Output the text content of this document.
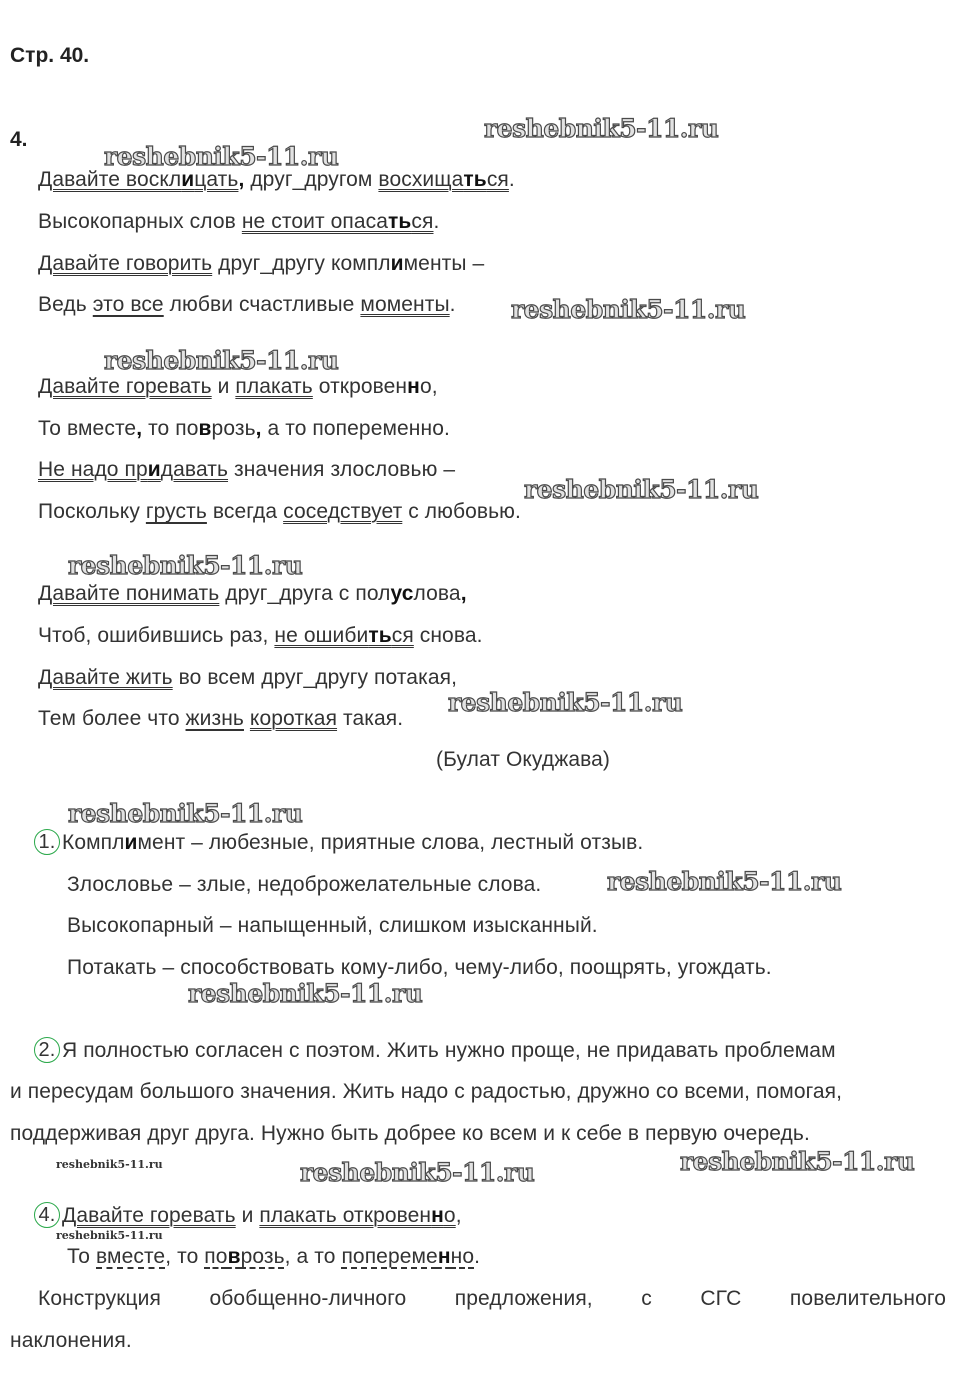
Стр. 40.
4.
Давайте восклицать, друг_другом восхищаться.
Высокопарных слов не стоит опасаться.
Давайте говорить друг_другу комплименты –
Ведь это все любви счастливые моменты.
Давайте горевать и плакать откровенно,
То вместе, то поврозь, а то попеременно.
Не надо придавать значения злословью –
Поскольку грусть всегда соседствует с любовью.
Давайте понимать друг_друга с полуслова,
Чтоб, ошибившись раз, не ошибиться снова.
Давайте жить во всем друг_другу потакая,
Тем более что жизнь короткая такая.
(Булат Окуджава)
1. Комплимент – любезные, приятные слова, лестный отзыв.
Злословье – злые, недоброжелательные слова.
Высокопарный – напыщенный, слишком изысканный.
Потакать – способствовать кому-либо, чему-либо, поощрять, угождать.
2. Я полностью согласен с поэтом. Жить нужно проще, не придавать проблемам
и пересудам большого значения. Жить надо с радостью, дружно со всеми, помогая,
поддерживая друг друга. Нужно быть добрее ко всем и к себе в первую очередь.
4. Давайте горевать и плакать откровенно,
То вместе, то поврозь, а то попеременно.
Конструкция обобщенно-личного предложения, с СГС повелительного
наклонения.
reshebnik5-11.ru
reshebnik5-11.ru
reshebnik5-11.ru
reshebnik5-11.ru
reshebnik5-11.ru
reshebnik5-11.ru
reshebnik5-11.ru
reshebnik5-11.ru
reshebnik5-11.ru
reshebnik5-11.ru
reshebnik5-11.ru
reshebnik5-11.ru
reshebnik5-11.ru
reshebnik5-11.ru
